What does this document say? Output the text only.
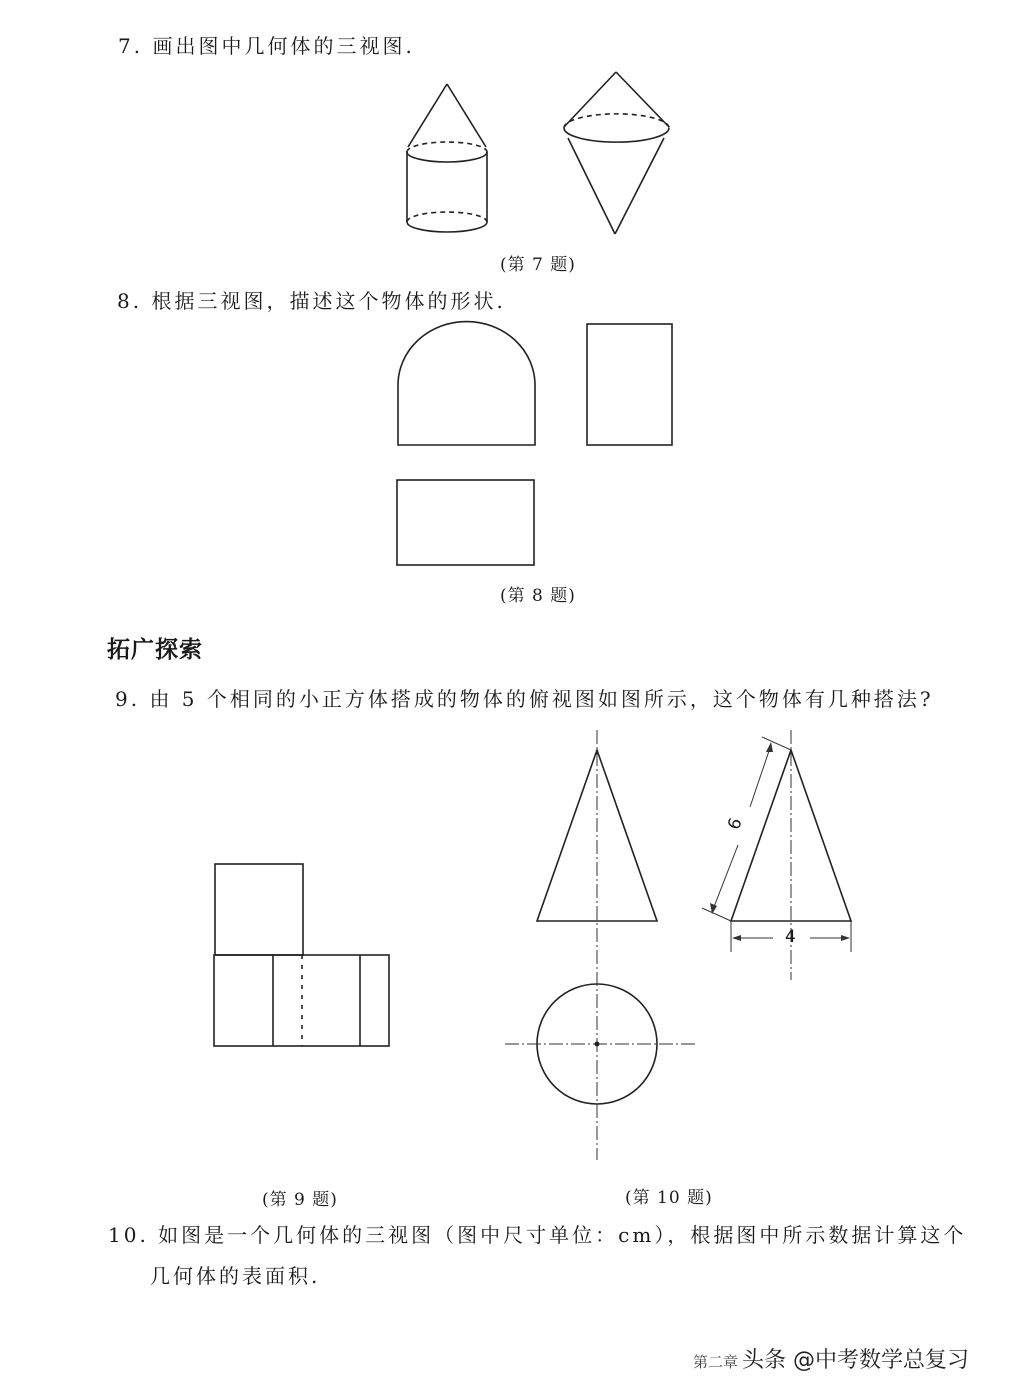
7. 画出图中几何体的三视图.
6
4
(第 7 题)
8. 根据三视图，描述这个物体的形状.
(第 8 题)
拓广探索
9. 由 5 个相同的小正方体搭成的物体的俯视图如图所示，这个物体有几种搭法?
(第 9 题)	(第 10 题)
10. 如图是一个几何体的三视图（图中尺寸单位：cm），根据图中所示数据计算这个
几何体的表面积.
第二章 头条 @中考数学总复习
